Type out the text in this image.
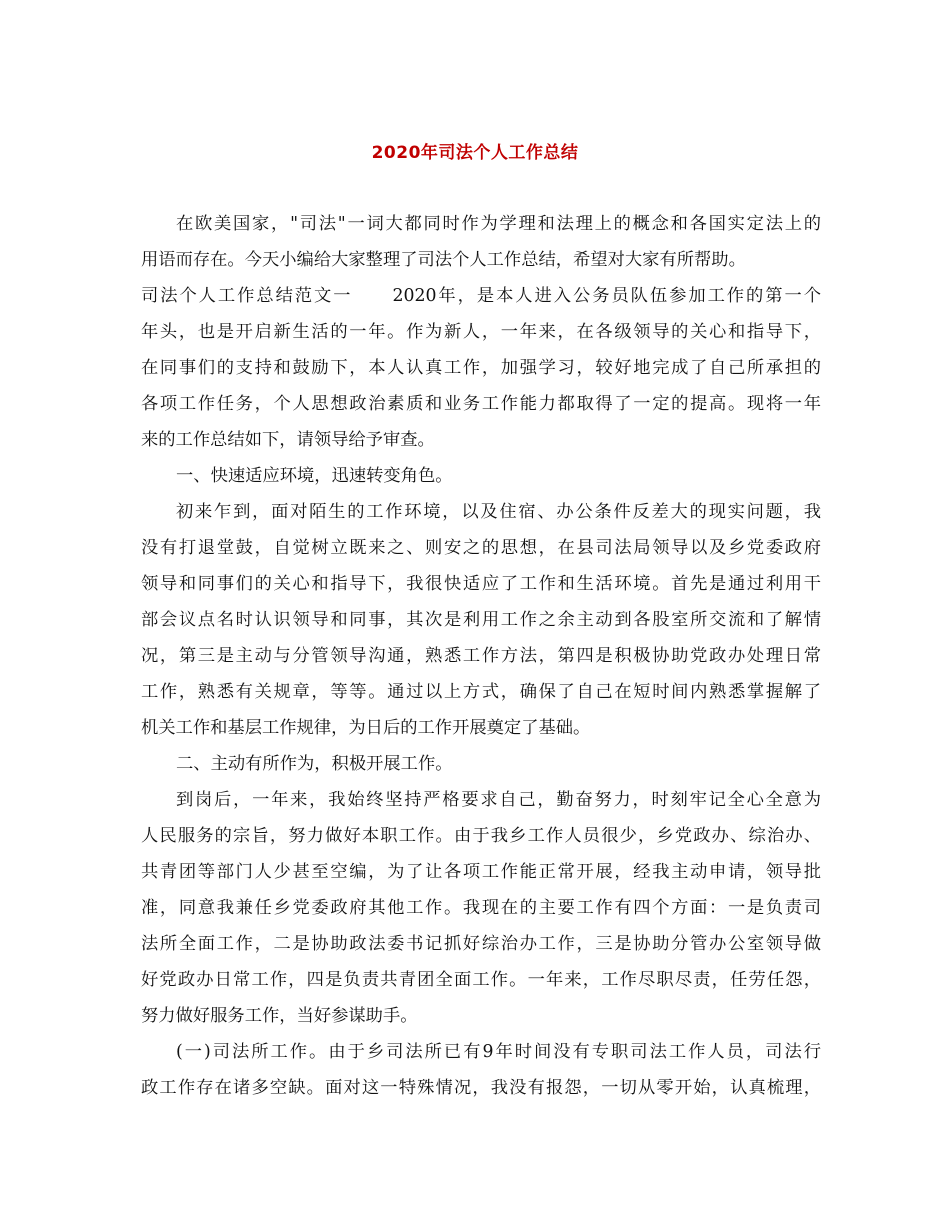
2020年司法个人工作总结
在欧美国家，"司法"一词大都同时作为学理和法理上的概念和各国实定法上的
用语而存在。今天小编给大家整理了司法个人工作总结，希望对大家有所帮助。
司法个人工作总结范文一 2020年，是本人进入公务员队伍参加工作的第一个
年头，也是开启新生活的一年。作为新人，一年来，在各级领导的关心和指导下，
在同事们的支持和鼓励下，本人认真工作，加强学习，较好地完成了自己所承担的
各项工作任务，个人思想政治素质和业务工作能力都取得了一定的提高。现将一年
来的工作总结如下，请领导给予审查。
一、快速适应环境，迅速转变角色。
初来乍到，面对陌生的工作环境，以及住宿、办公条件反差大的现实问题，我
没有打退堂鼓，自觉树立既来之、则安之的思想，在县司法局领导以及乡党委政府
领导和同事们的关心和指导下，我很快适应了工作和生活环境。首先是通过利用干
部会议点名时认识领导和同事，其次是利用工作之余主动到各股室所交流和了解情
况，第三是主动与分管领导沟通，熟悉工作方法，第四是积极协助党政办处理日常
工作，熟悉有关规章，等等。通过以上方式，确保了自己在短时间内熟悉掌握解了
机关工作和基层工作规律，为日后的工作开展奠定了基础。
二、主动有所作为，积极开展工作。
到岗后，一年来，我始终坚持严格要求自己，勤奋努力，时刻牢记全心全意为
人民服务的宗旨，努力做好本职工作。由于我乡工作人员很少，乡党政办、综治办、
共青团等部门人少甚至空编，为了让各项工作能正常开展，经我主动申请，领导批
准，同意我兼任乡党委政府其他工作。我现在的主要工作有四个方面：一是负责司
法所全面工作，二是协助政法委书记抓好综治办工作，三是协助分管办公室领导做
好党政办日常工作，四是负责共青团全面工作。一年来，工作尽职尽责，任劳任怨，
努力做好服务工作，当好参谋助手。
(一)司法所工作。由于乡司法所已有9年时间没有专职司法工作人员，司法行
政工作存在诸多空缺。面对这一特殊情况，我没有报怨，一切从零开始，认真梳理，
